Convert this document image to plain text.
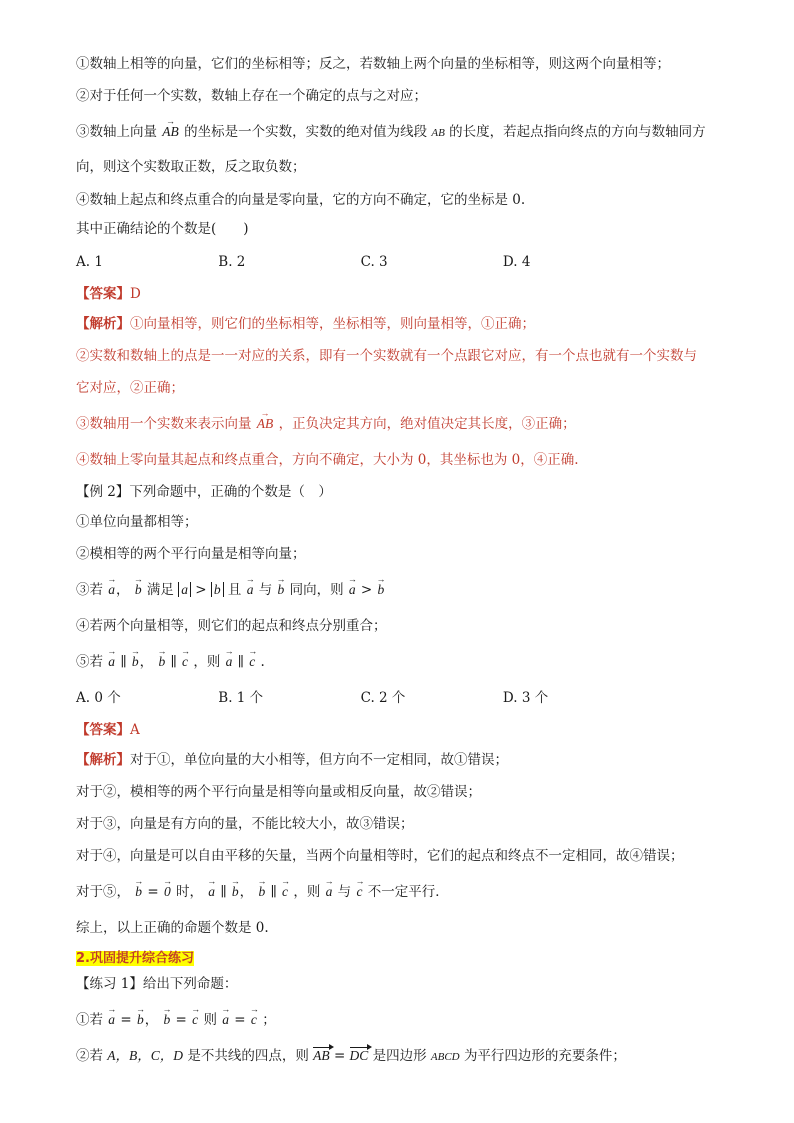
①数轴上相等的向量，它们的坐标相等；反之，若数轴上两个向量的坐标相等，则这两个向量相等；
②对于任何一个实数，数轴上存在一个确定的点与之对应；
③数轴上向量 → AB 的坐标是一个实数，实数的绝对值为线段 AB 的长度，若起点指向终点的方向与数轴同方
向，则这个实数取正数，反之取负数；
④数轴上起点和终点重合的向量是零向量，它的方向不确定，它的坐标是 0.
其中正确结论的个数是(　　)
A. 1	B. 2	C. 3	D. 4
【答案】D
【解析】①向量相等，则它们的坐标相等，坐标相等，则向量相等，①正确；
②实数和数轴上的点是一一对应的关系，即有一个实数就有一个点跟它对应，有一个点也就有一个实数与
它对应，②正确；
③数轴用一个实数来表示向量 → AB ，正负决定其方向，绝对值决定其长度，③正确；
④数轴上零向量其起点和终点重合，方向不确定，大小为 0，其坐标也为 0，④正确.
【例 2】下列命题中，正确的个数是（　）
①单位向量都相等；
②模相等的两个平行向量是相等向量；
③若 → a， → b 满足 a > b 且 → a 与 → b 同向，则 → a > → b
④若两个向量相等，则它们的起点和终点分别重合；
⑤若 → a ∥ → b， → b ∥ → c ，则 → a ∥ → c .
A. 0 个	B. 1 个	C. 2 个	D. 3 个
【答案】A
【解析】对于①，单位向量的大小相等，但方向不一定相同，故①错误；
对于②，模相等的两个平行向量是相等向量或相反向量，故②错误；
对于③，向量是有方向的量，不能比较大小，故③错误；
对于④，向量是可以自由平移的矢量，当两个向量相等时，它们的起点和终点不一定相同，故④错误；
对于⑤， → b = → 0 时， → a ∥ → b， → b ∥ → c ，则 → a 与 → c 不一定平行．
综上，以上正确的命题个数是 0.
2.巩固提升综合练习
【练习 1】给出下列命题：
①若 → a = → b， → b = → c 则 → a = → c ；
②若 A，B，C，D 是不共线的四点，则 AB = DC 是四边形 ABCD 为平行四边形的充要条件；
